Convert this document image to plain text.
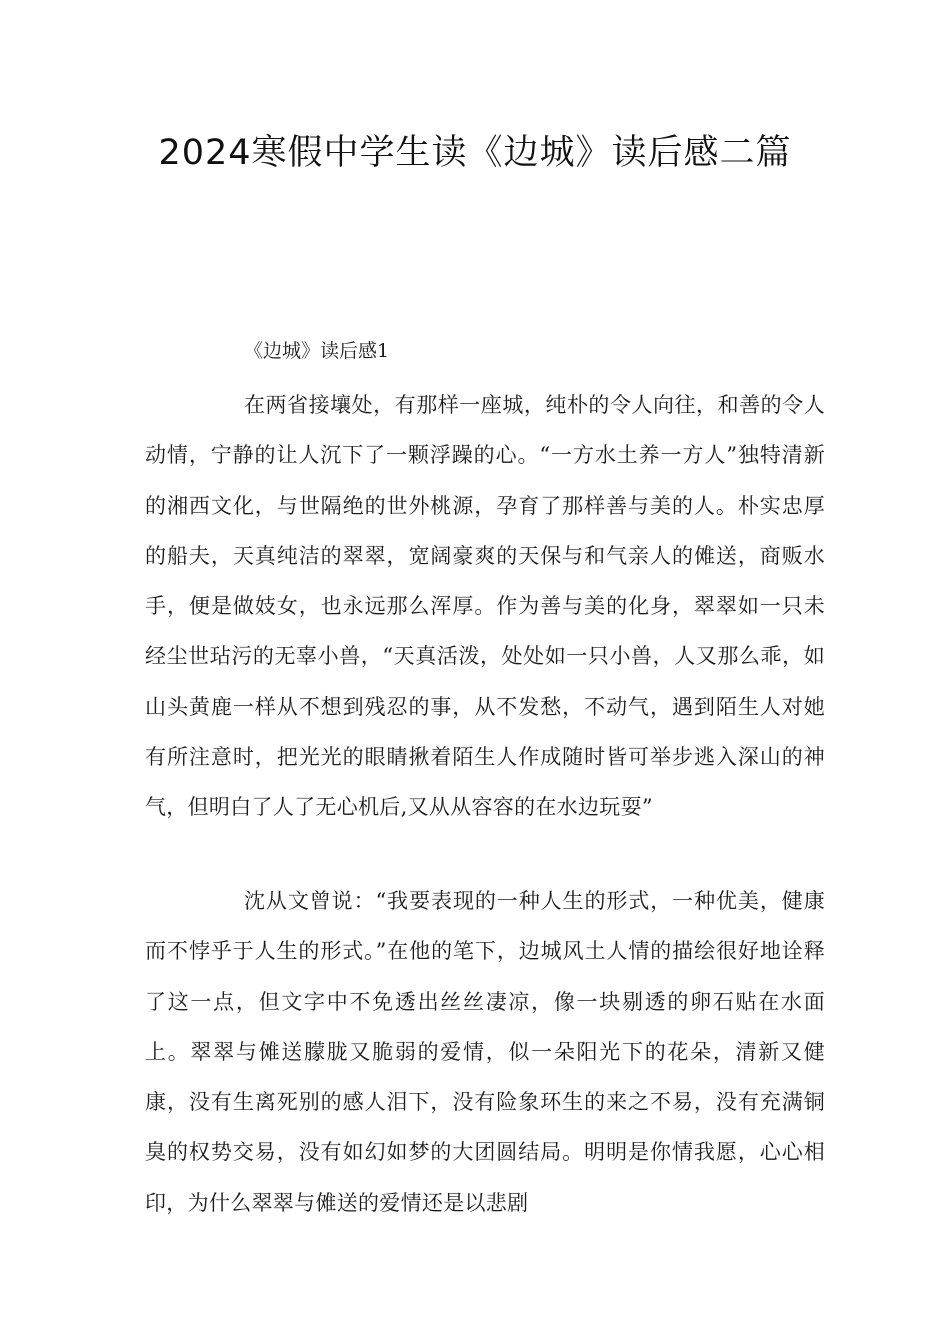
2024寒假中学生读《边城》读后感二篇
《边城》读后感1

在两省接壤处，有那样一座城，纯朴的令人向往，和善的令人动情，宁静的让人沉下了一颗浮躁的心。“一方水土养一方人”独特清新的湘西文化，与世隔绝的世外桃源，孕育了那样善与美的人。朴实忠厚的船夫，天真纯洁的翠翠，宽阔豪爽的天保与和气亲人的傩送，商贩水手，便是做妓女，也永远那么浑厚。作为善与美的化身，翠翠如一只未经尘世玷污的无辜小兽，“天真活泼，处处如一只小兽，人又那么乖，如山头黄鹿一样从不想到残忍的事，从不发愁，不动气，遇到陌生人对她有所注意时，把光光的眼睛揪着陌生人作成随时皆可举步逃入深山的神气，但明白了人了无心机后,又从从容容的在水边玩耍”

沈从文曾说：“我要表现的一种人生的形式，一种优美，健康而不悖乎于人生的形式。”在他的笔下，边城风土人情的描绘很好地诠释了这一点，但文字中不免透出丝丝凄凉，像一块剔透的卵石贴在水面上。翠翠与傩送朦胧又脆弱的爱情，似一朵阳光下的花朵，清新又健康，没有生离死别的感人泪下，没有险象环生的来之不易，没有充满铜臭的权势交易，没有如幻如梦的大团圆结局。明明是你情我愿，心心相印，为什么翠翠与傩送的爱情还是以悲剧
